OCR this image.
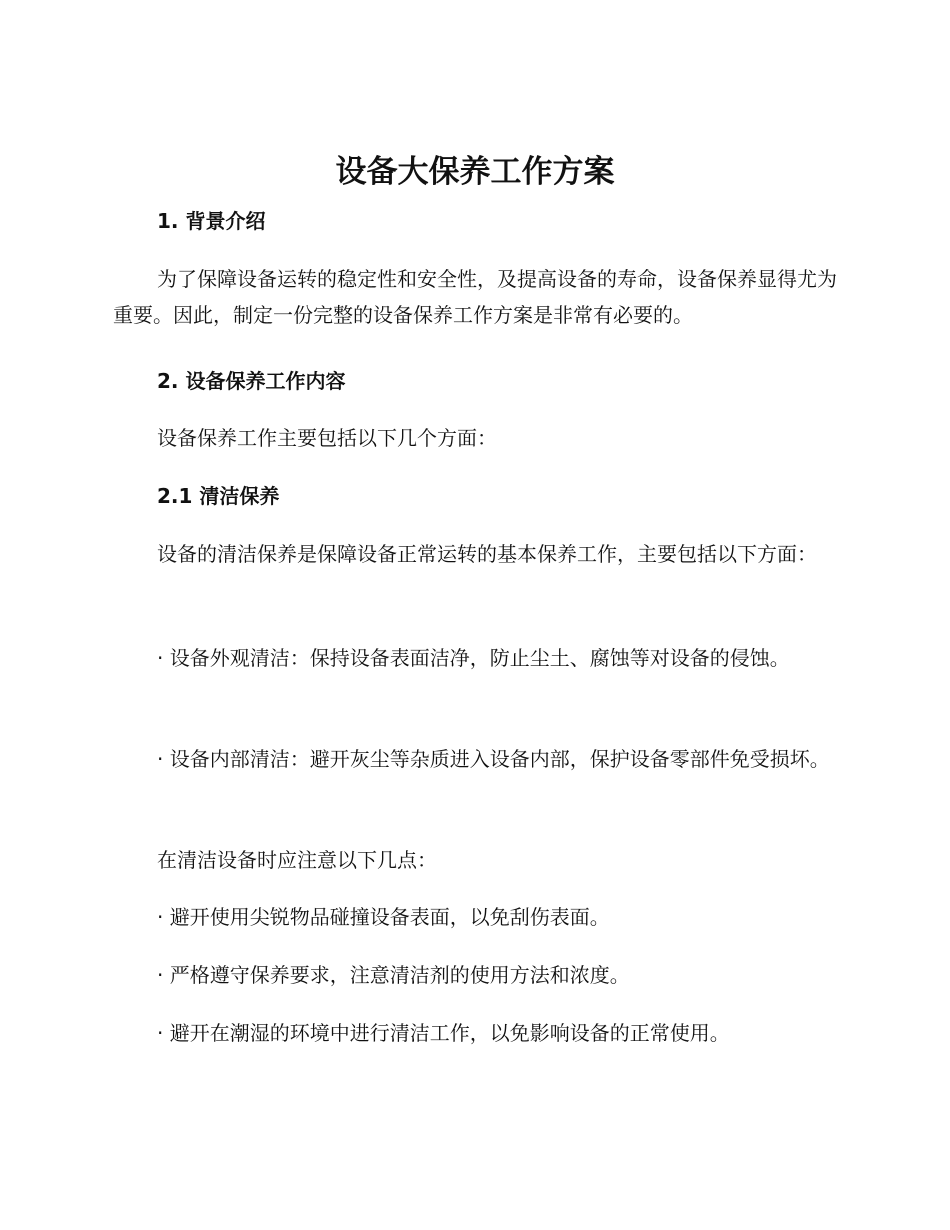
设备大保养工作方案
1. 背景介绍

为了保障设备运转的稳定性和安全性，及提高设备的寿命，设备保养显得尤为重要。因此，制定一份完整的设备保养工作方案是非常有必要的。

2. 设备保养工作内容

设备保养工作主要包括以下几个方面：

2.1 清洁保养

设备的清洁保养是保障设备正常运转的基本保养工作，主要包括以下方面：

· 设备外观清洁：保持设备表面洁净，防止尘土、腐蚀等对设备的侵蚀。

· 设备内部清洁：避开灰尘等杂质进入设备内部，保护设备零部件免受损坏。

在清洁设备时应注意以下几点：

· 避开使用尖锐物品碰撞设备表面，以免刮伤表面。

· 严格遵守保养要求，注意清洁剂的使用方法和浓度。

· 避开在潮湿的环境中进行清洁工作，以免影响设备的正常使用。
